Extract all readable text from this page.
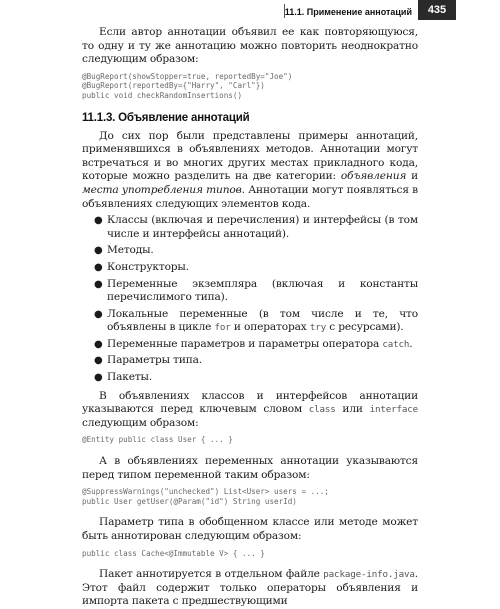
11.1. Применение аннотаций	435

Если автор аннотации объявил ее как повторяющуюся, то одну и ту же аннотацию можно повторить неоднократно следующим образом:

@BugReport(showStopper=true, reportedBy="Joe")
@BugReport(reportedBy={"Harry", "Carl"})
public void checkRandomInsertions()
11.1.3. Объявление аннотаций

До сих пор были представлены примеры аннотаций, применявшихся в объявлениях методов. Аннотации могут встречаться и во многих других местах прикладного кода, которые можно разделить на две категории: объявления и места употребления типов. Аннотации могут появляться в объявлениях следующих элементов кода.

● Классы (включая и перечисления) и интерфейсы (в том числе и интерфейсы аннотаций).
● Методы.
● Конструкторы.
● Переменные экземпляра (включая и константы перечислимого типа).
● Локальные переменные (в том числе и те, что объявлены в цикле for и операторах try с ресурсами).
● Переменные параметров и параметры оператора catch.
● Параметры типа.
● Пакеты.

В объявлениях классов и интерфейсов аннотации указываются перед ключевым словом class или interface следующим образом:

@Entity public class User { ... }

А в объявлениях переменных аннотации указываются перед типом переменной таким образом:

@SuppressWarnings("unchecked") List<User> users = ...;
public User getUser(@Param("id") String userId)

Параметр типа в обобщенном классе или методе может быть аннотирован следующим образом:

public class Cache<@Immutable V> { ... }

Пакет аннотируется в отдельном файле package-info.java. Этот файл содержит только операторы объявления и импорта пакета с предшествующими
